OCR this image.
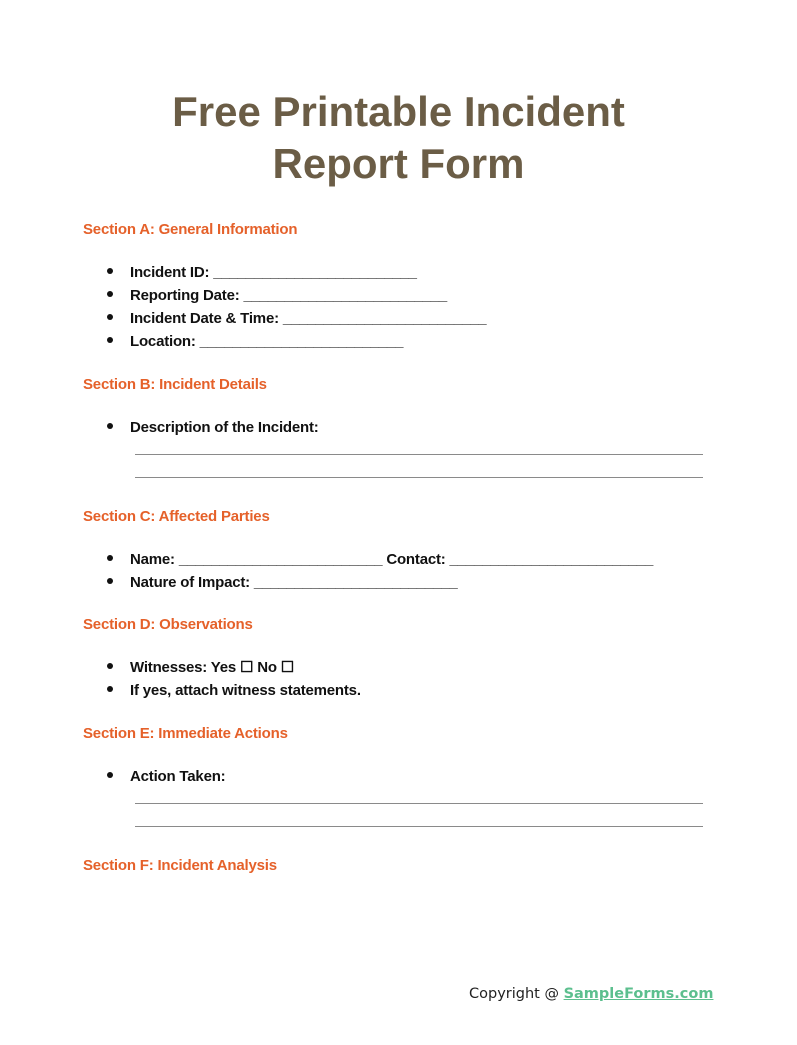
Free Printable Incident
Report Form
Section A: General Information
Incident ID: _________________________
Reporting Date: _________________________
Incident Date & Time: _________________________
Location: _________________________
Section B: Incident Details
Description of the Incident:
Section C: Affected Parties
Name: _________________________ Contact: _________________________
Nature of Impact: _________________________
Section D: Observations
Witnesses: Yes ☐ No ☐
If yes, attach witness statements.
Section E: Immediate Actions
Action Taken:
Section F: Incident Analysis
Copyright @ SampleForms.com
